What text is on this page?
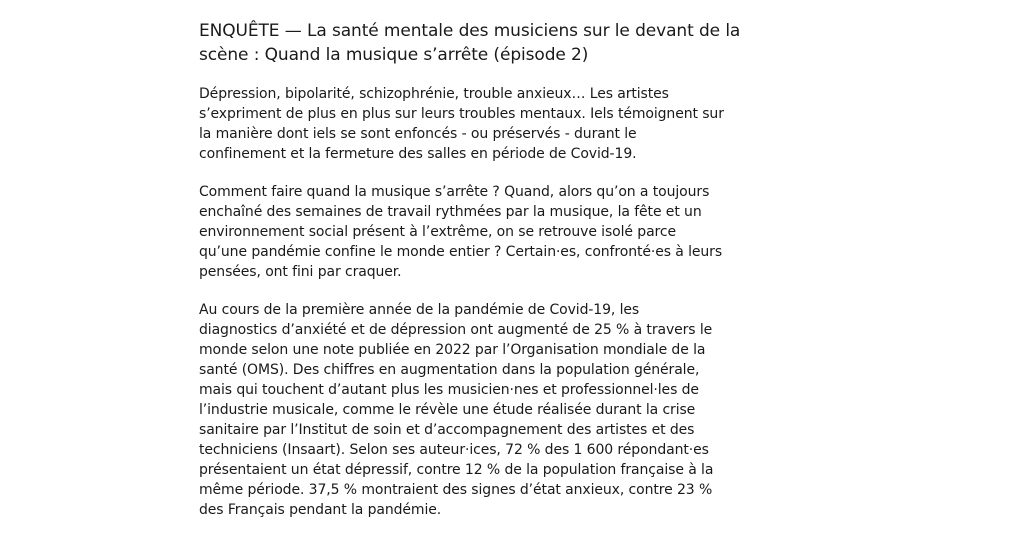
ENQUÊTE — La santé mentale des musiciens sur le devant de la
scène : Quand la musique s’arrête (épisode 2)

Dépression, bipolarité, schizophrénie, trouble anxieux… Les artistes
s’expriment de plus en plus sur leurs troubles mentaux. Iels témoignent sur
la manière dont iels se sont enfoncés - ou préservés - durant le
confinement et la fermeture des salles en période de Covid-19.

Comment faire quand la musique s’arrête ? Quand, alors qu’on a toujours
enchaîné des semaines de travail rythmées par la musique, la fête et un
environnement social présent à l’extrême, on se retrouve isolé parce
qu’une pandémie confine le monde entier ? Certain·es, confronté·es à leurs
pensées, ont fini par craquer.

Au cours de la première année de la pandémie de Covid-19, les
diagnostics d’anxiété et de dépression ont augmenté de 25 % à travers le
monde selon une note publiée en 2022 par l’Organisation mondiale de la
santé (OMS). Des chiffres en augmentation dans la population générale,
mais qui touchent d’autant plus les musicien·nes et professionnel·les de
l’industrie musicale, comme le révèle une étude réalisée durant la crise
sanitaire par l’Institut de soin et d’accompagnement des artistes et des
techniciens (Insaart). Selon ses auteur·ices, 72 % des 1 600 répondant·es
présentaient un état dépressif, contre 12 % de la population française à la
même période. 37,5 % montraient des signes d’état anxieux, contre 23 %
des Français pendant la pandémie.
